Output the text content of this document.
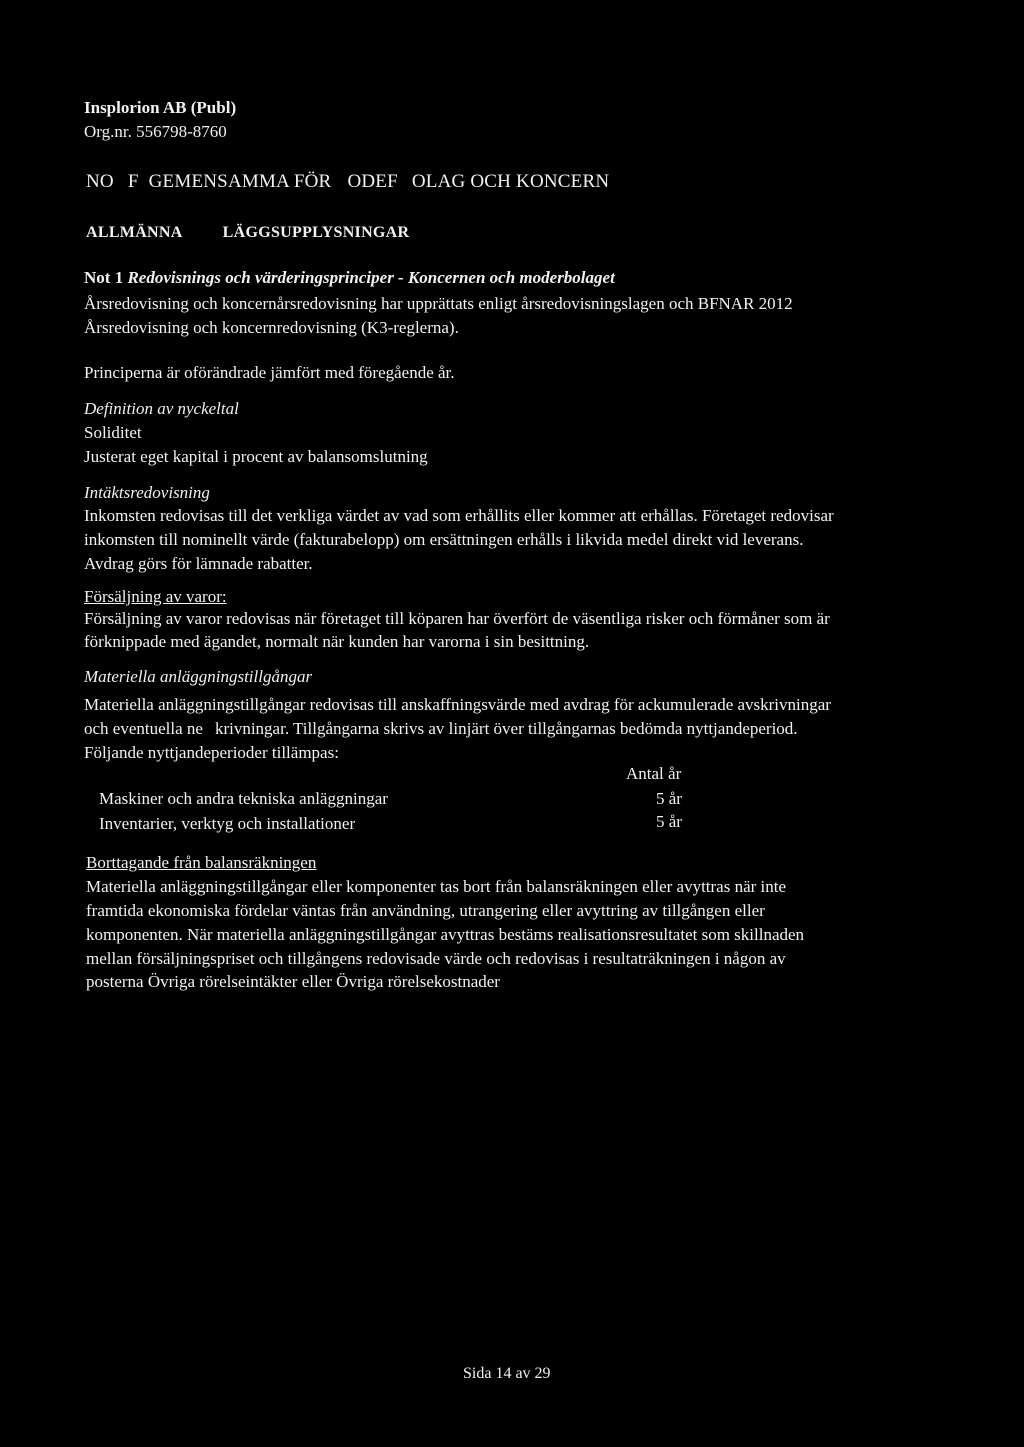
Insplorion AB (Publ)
Org.nr. 556798-8760
NO F GEMENSAMMA FÖR ODEF OLAG OCH KONCERN
ALLMÄNNA	LÄGGSUPPLYSNINGAR
Not 1 Redovisnings och värderingsprinciper - Koncernen och moderbolaget
Årsredovisning och koncernårsredovisning har upprättats enligt årsredovisningslagen och BFNAR 2012
Årsredovisning och koncernredovisning (K3-reglerna).
Principerna är oförändrade jämfört med föregående år.
Definition av nyckeltal
Soliditet
Justerat eget kapital i procent av balansomslutning
Intäktsredovisning
Inkomsten redovisas till det verkliga värdet av vad som erhållits eller kommer att erhållas. Företaget redovisar
inkomsten till nominellt värde (fakturabelopp) om ersättningen erhålls i likvida medel direkt vid leverans.
Avdrag görs för lämnade rabatter.
Försäljning av varor:
Försäljning av varor redovisas när företaget till köparen har överfört de väsentliga risker och förmåner som är
förknippade med ägandet, normalt när kunden har varorna i sin besittning.
Materiella anläggningstillgångar
Materiella anläggningstillgångar redovisas till anskaffningsvärde med avdrag för ackumulerade avskrivningar
och eventuella ne krivningar. Tillgångarna skrivs av linjärt över tillgångarnas bedömda nyttjandeperiod.
Följande nyttjandeperioder tillämpas:
Antal år
Maskiner och andra tekniska anläggningar	5 år
Inventarier, verktyg och installationer	5 år
Borttagande från balansräkningen
Materiella anläggningstillgångar eller komponenter tas bort från balansräkningen eller avyttras när inte
framtida ekonomiska fördelar väntas från användning, utrangering eller avyttring av tillgången eller
komponenten. När materiella anläggningstillgångar avyttras bestäms realisationsresultatet som skillnaden
mellan försäljningspriset och tillgångens redovisade värde och redovisas i resultaträkningen i någon av
posterna Övriga rörelseintäkter eller Övriga rörelsekostnader
Sida 14 av 29
